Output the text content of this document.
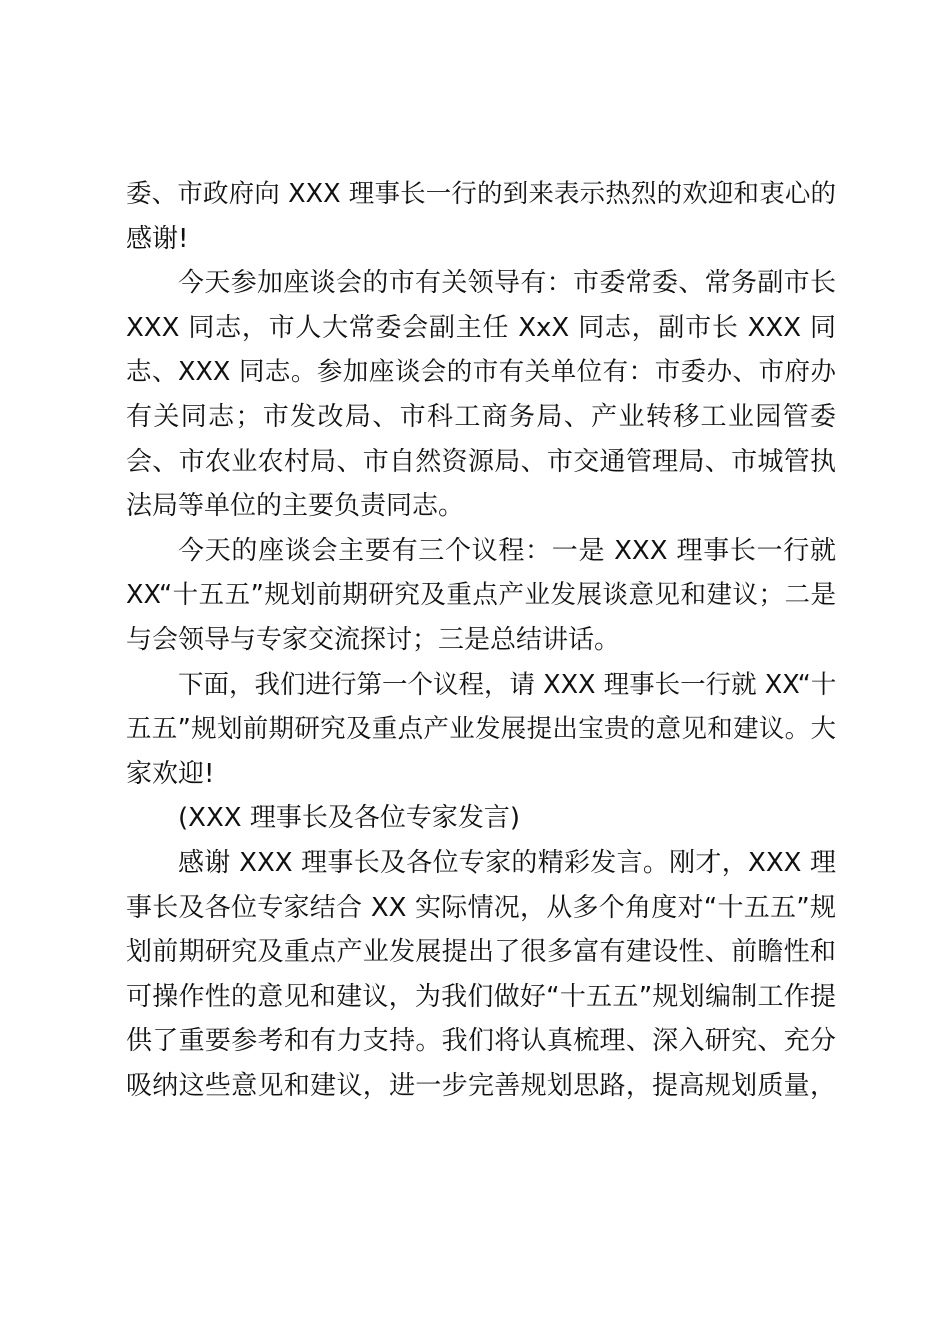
委、市政府向 XXX 理事长一行的到来表示热烈的欢迎和衷心的
感谢!
今天参加座谈会的市有关领导有：市委常委、常务副市长
XXX 同志，市人大常委会副主任 XxX 同志，副市长 XXX 同
志、XXX 同志。参加座谈会的市有关单位有：市委办、市府办
有关同志；市发改局、市科工商务局、产业转移工业园管委
会、市农业农村局、市自然资源局、市交通管理局、市城管执
法局等单位的主要负责同志。
今天的座谈会主要有三个议程：一是 XXX 理事长一行就
XX“十五五”规划前期研究及重点产业发展谈意见和建议；二是
与会领导与专家交流探讨；三是总结讲话。
下面，我们进行第一个议程，请 XXX 理事长一行就 XX“十
五五”规划前期研究及重点产业发展提出宝贵的意见和建议。大
家欢迎!
(XXX 理事长及各位专家发言)
感谢 XXX 理事长及各位专家的精彩发言。刚才，XXX 理
事长及各位专家结合 XX 实际情况，从多个角度对“十五五”规
划前期研究及重点产业发展提出了很多富有建设性、前瞻性和
可操作性的意见和建议，为我们做好“十五五”规划编制工作提
供了重要参考和有力支持。我们将认真梳理、深入研究、充分
吸纳这些意见和建议，进一步完善规划思路，提高规划质量，
